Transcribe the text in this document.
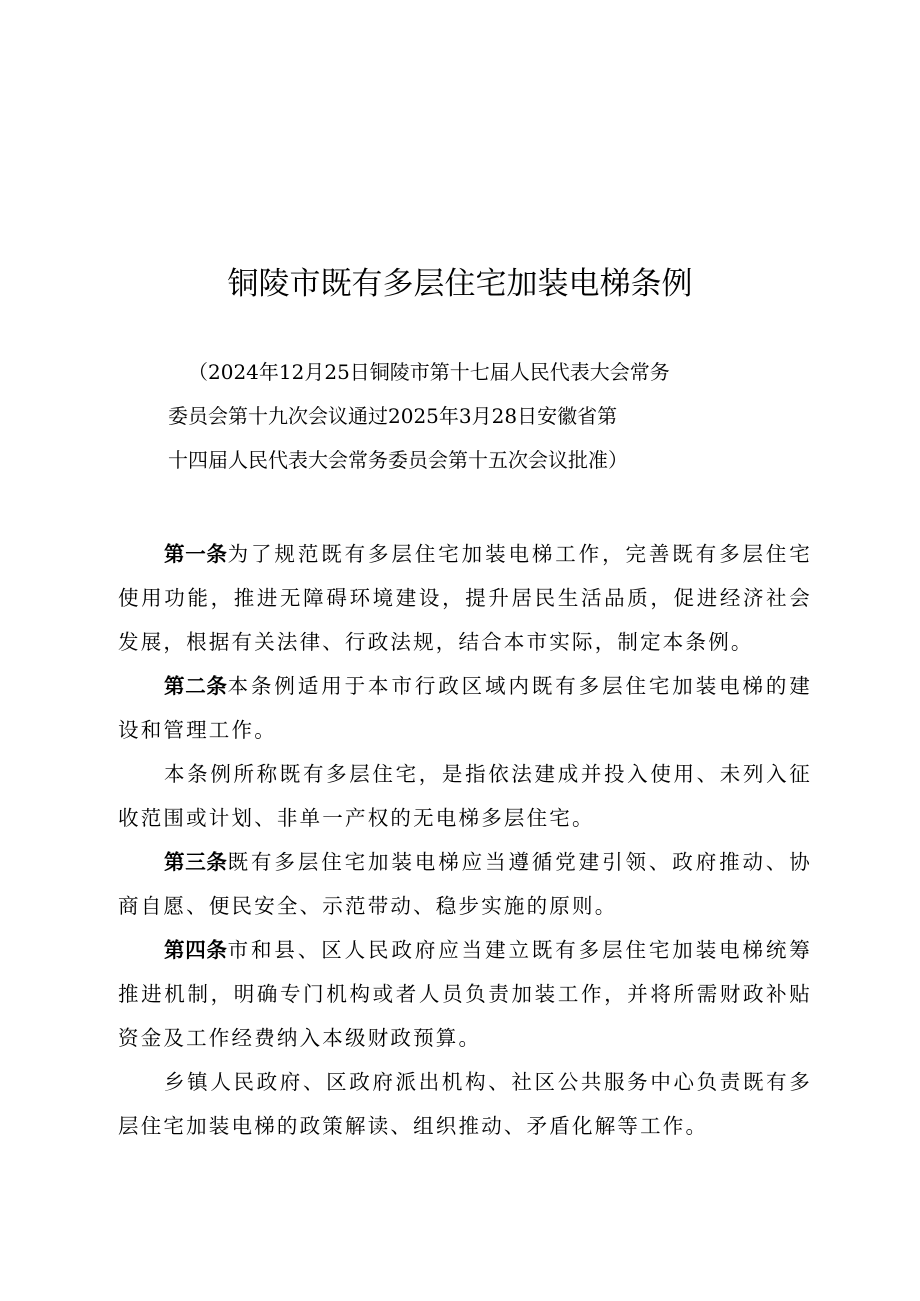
铜陵市既有多层住宅加装电梯条例
（2024年12月25日铜陵市第十七届人民代表大会常务
委员会第十九次会议通过2025年3月28日安徽省第
十四届人民代表大会常务委员会第十五次会议批准）

第一条为了规范既有多层住宅加装电梯工作，完善既有多层住宅使用功能，推进无障碍环境建设，提升居民生活品质，促进经济社会发展，根据有关法律、行政法规，结合本市实际，制定本条例。

第二条本条例适用于本市行政区域内既有多层住宅加装电梯的建设和管理工作。

本条例所称既有多层住宅，是指依法建成并投入使用、未列入征收范围或计划、非单一产权的无电梯多层住宅。

第三条既有多层住宅加装电梯应当遵循党建引领、政府推动、协商自愿、便民安全、示范带动、稳步实施的原则。

第四条市和县、区人民政府应当建立既有多层住宅加装电梯统筹推进机制，明确专门机构或者人员负责加装工作，并将所需财政补贴资金及工作经费纳入本级财政预算。

乡镇人民政府、区政府派出机构、社区公共服务中心负责既有多层住宅加装电梯的政策解读、组织推动、矛盾化解等工作。
